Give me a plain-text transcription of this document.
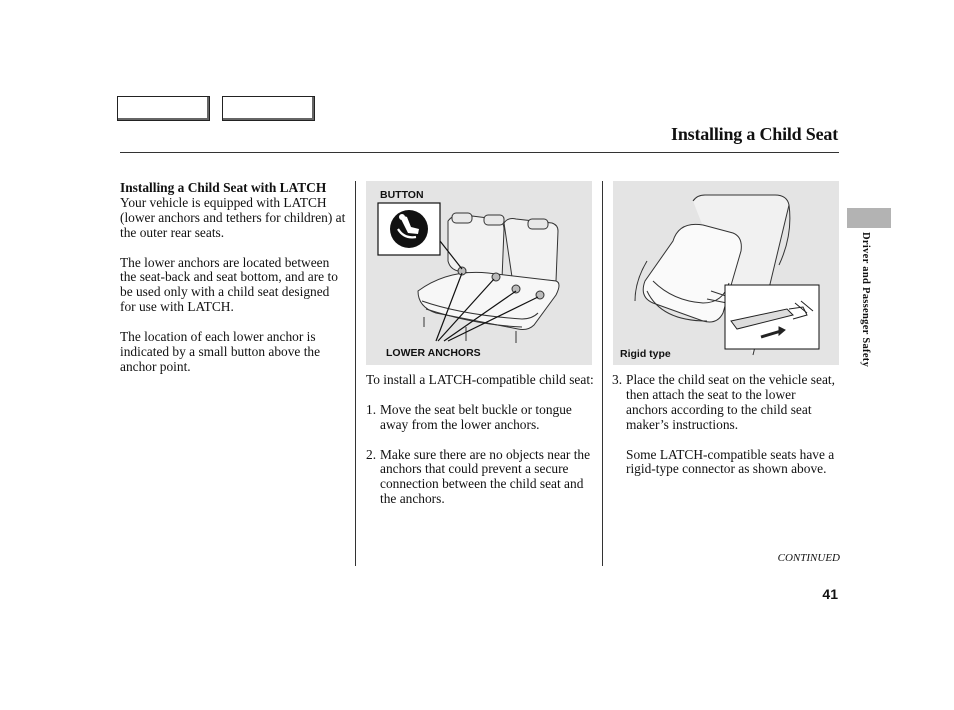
Installing a Child Seat
Installing a Child Seat with LATCH

Your vehicle is equipped with LATCH (lower anchors and tethers for children) at the outer rear seats.

The lower anchors are located between the seat-back and seat bottom, and are to be used only with a child seat designed for use with LATCH.

The location of each lower anchor is indicated by a small button above the anchor point.

BUTTON
LOWER ANCHORS	Rigid type

To install a LATCH-compatible child seat:

1. Move the seat belt buckle or tongue away from the lower anchors.
2. Make sure there are no objects near the anchors that could prevent a secure connection between the child seat and the anchors.
3. Place the child seat on the vehicle seat, then attach the seat to the lower anchors according to the child seat maker’s instructions.

Some LATCH-compatible seats have a rigid-type connector as shown above.

Driver and Passenger Safety
CONTINUED
41
